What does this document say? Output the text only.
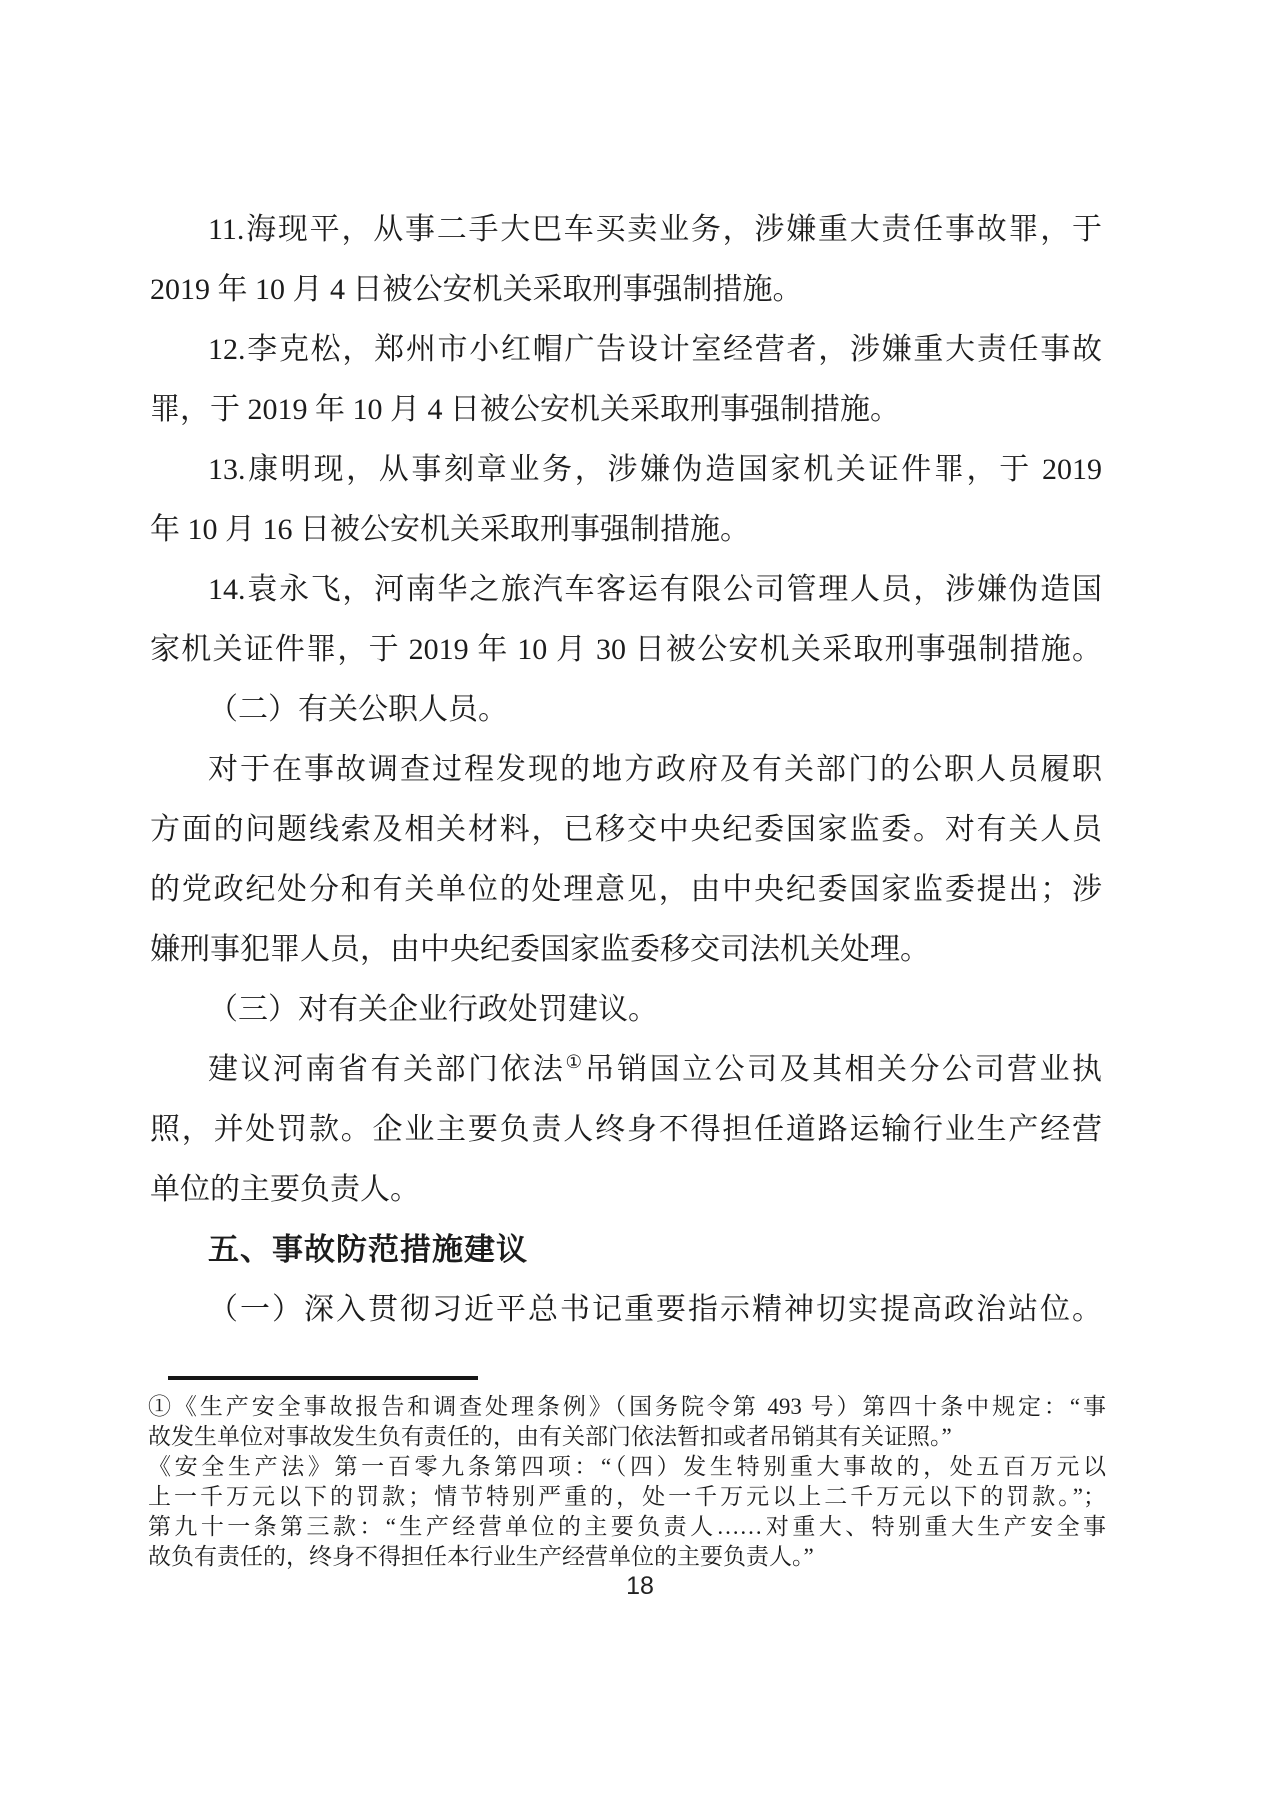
11.海现平，从事二手大巴车买卖业务，涉嫌重大责任事故罪，于
2019 年 10 月 4 日被公安机关采取刑事强制措施。
12.李克松，郑州市小红帽广告设计室经营者，涉嫌重大责任事故
罪，于 2019 年 10 月 4 日被公安机关采取刑事强制措施。
13.康明现，从事刻章业务，涉嫌伪造国家机关证件罪，于 2019
年 10 月 16 日被公安机关采取刑事强制措施。
14.袁永飞，河南华之旅汽车客运有限公司管理人员，涉嫌伪造国
家机关证件罪，于 2019 年 10 月 30 日被公安机关采取刑事强制措施。
（二）有关公职人员。
对于在事故调查过程发现的地方政府及有关部门的公职人员履职
方面的问题线索及相关材料，已移交中央纪委国家监委。对有关人员
的党政纪处分和有关单位的处理意见，由中央纪委国家监委提出；涉
嫌刑事犯罪人员，由中央纪委国家监委移交司法机关处理。
（三）对有关企业行政处罚建议。
建议河南省有关部门依法①吊销国立公司及其相关分公司营业执
照，并处罚款。企业主要负责人终身不得担任道路运输行业生产经营
单位的主要负责人。
五、事故防范措施建议
（一）深入贯彻习近平总书记重要指示精神切实提高政治站位。
①《生产安全事故报告和调查处理条例》（国务院令第 493 号）第四十条中规定：“事
故发生单位对事故发生负有责任的，由有关部门依法暂扣或者吊销其有关证照。”
《安全生产法》第一百零九条第四项：“（四）发生特别重大事故的，处五百万元以
上一千万元以下的罚款；情节特别严重的，处一千万元以上二千万元以下的罚款。”；
第九十一条第三款：“生产经营单位的主要负责人……对重大、特别重大生产安全事
故负有责任的，终身不得担任本行业生产经营单位的主要负责人。”
18
